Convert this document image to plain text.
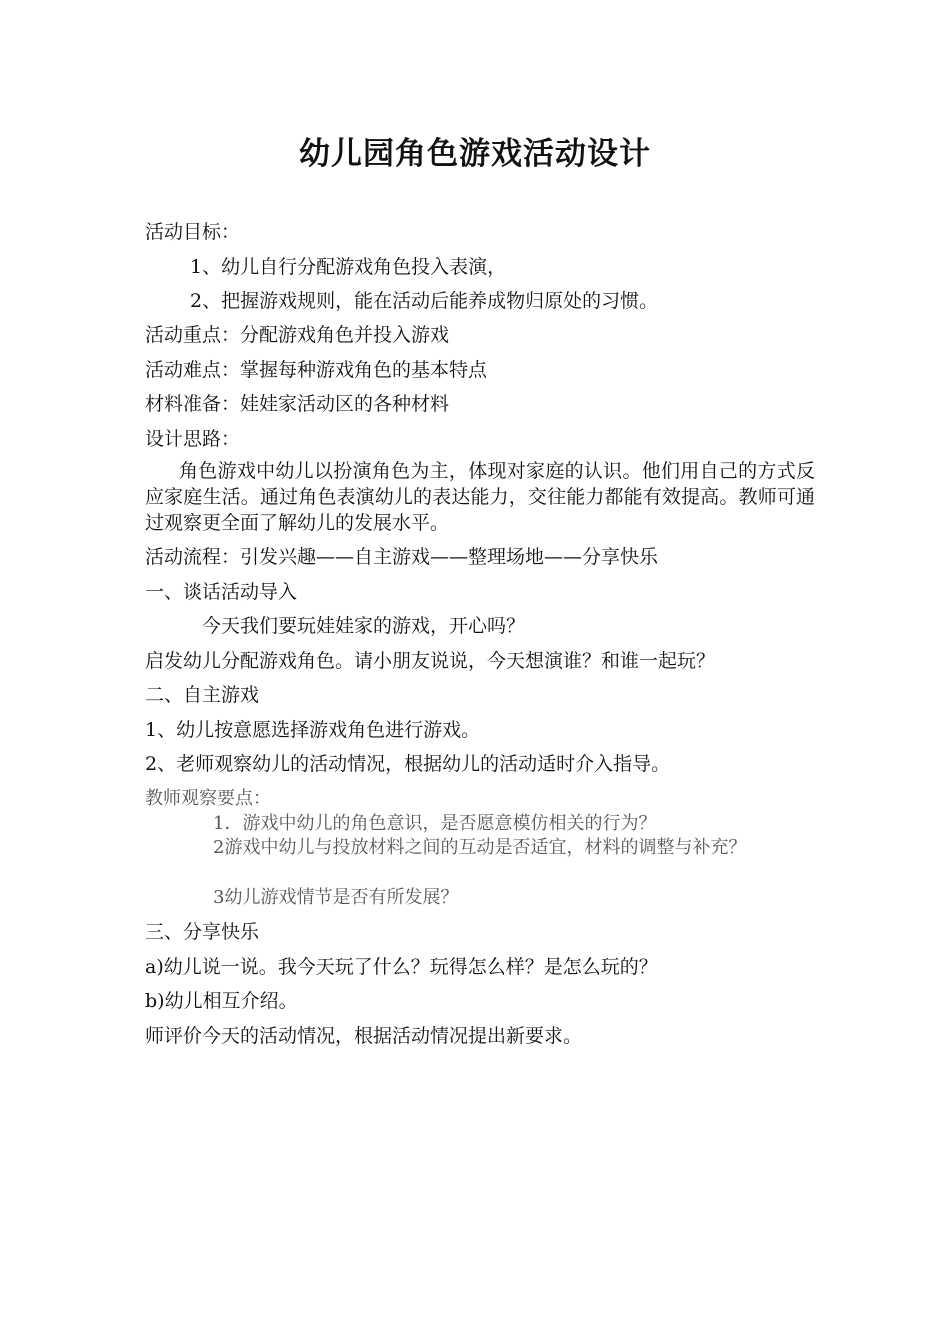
幼儿园角色游戏活动设计
活动目标：
1、幼儿自行分配游戏角色投入表演，
2、把握游戏规则，能在活动后能养成物归原处的习惯。
活动重点：分配游戏角色并投入游戏
活动难点：掌握每种游戏角色的基本特点
材料准备：娃娃家活动区的各种材料
设计思路：
角色游戏中幼儿以扮演角色为主，体现对家庭的认识。他们用自己的方式反应家庭生活。通过角色表演幼儿的表达能力，交往能力都能有效提高。教师可通过观察更全面了解幼儿的发展水平。
活动流程：引发兴趣——自主游戏——整理场地——分享快乐
一、谈话活动导入
今天我们要玩娃娃家的游戏，开心吗？
启发幼儿分配游戏角色。请小朋友说说，今天想演谁？和谁一起玩？
二、自主游戏
1、幼儿按意愿选择游戏角色进行游戏。
2、老师观察幼儿的活动情况，根据幼儿的活动适时介入指导。
教师观察要点：
1．游戏中幼儿的角色意识，是否愿意模仿相关的行为？
2游戏中幼儿与投放材料之间的互动是否适宜，材料的调整与补充？
3幼儿游戏情节是否有所发展？
三、分享快乐
a)幼儿说一说。我今天玩了什么？玩得怎么样？是怎么玩的？
b)幼儿相互介绍。
师评价今天的活动情况，根据活动情况提出新要求。
